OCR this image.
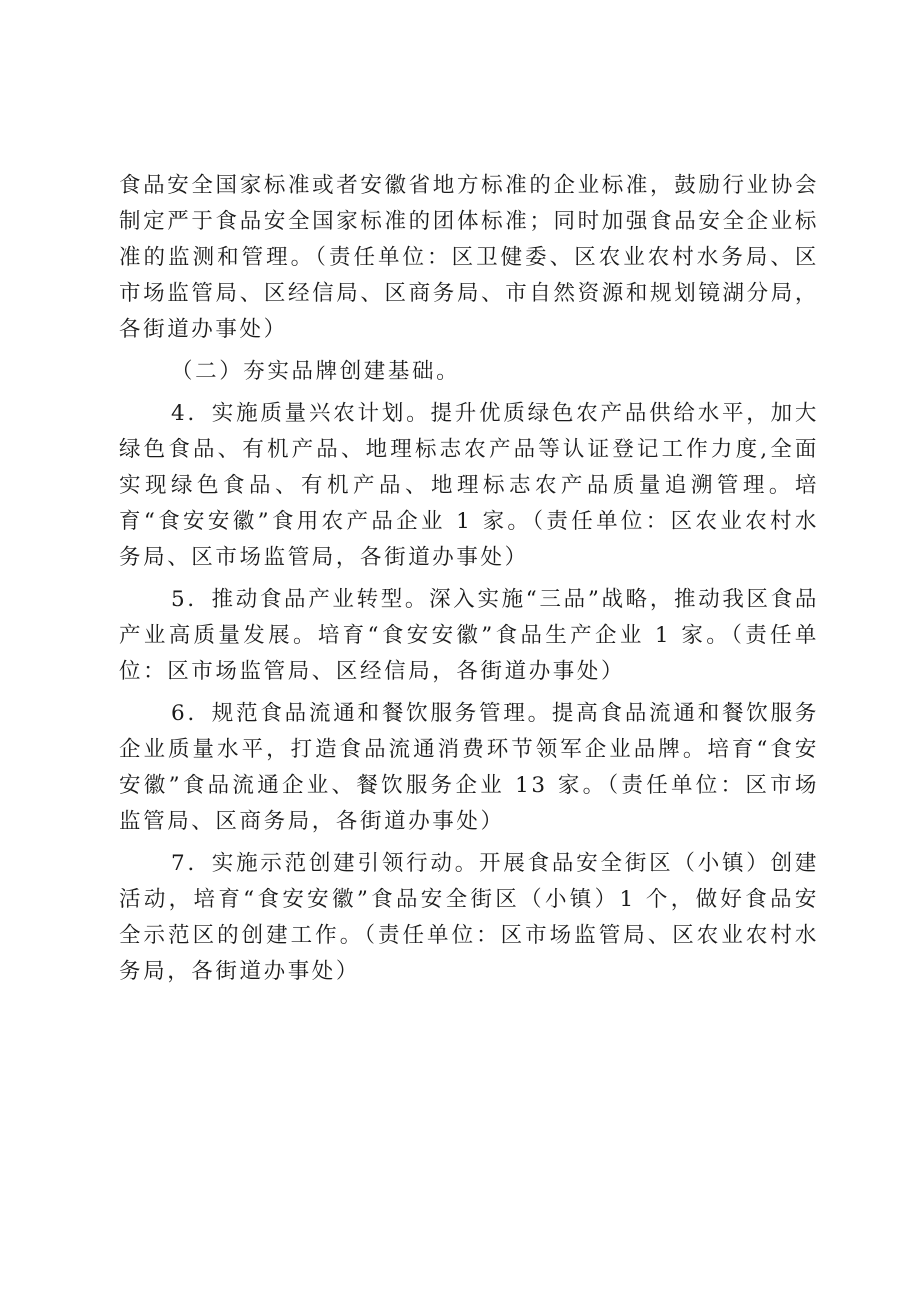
食品安全国家标准或者安徽省地方标准的企业标准，鼓励行业协会制定严于食品安全国家标准的团体标准；同时加强食品安全企业标准的监测和管理。（责任单位：区卫健委、区农业农村水务局、区市场监管局、区经信局、区商务局、市自然资源和规划镜湖分局，各街道办事处）

（二）夯实品牌创建基础。

4．实施质量兴农计划。提升优质绿色农产品供给水平，加大绿色食品、有机产品、地理标志农产品等认证登记工作力度,全面实现绿色食品、有机产品、地理标志农产品质量追溯管理。培育“食安安徽”食用农产品企业 1 家。（责任单位：区农业农村水务局、区市场监管局，各街道办事处）

5．推动食品产业转型。深入实施“三品”战略，推动我区食品产业高质量发展。培育“食安安徽”食品生产企业 1 家。（责任单位：区市场监管局、区经信局，各街道办事处）

6．规范食品流通和餐饮服务管理。提高食品流通和餐饮服务企业质量水平，打造食品流通消费环节领军企业品牌。培育“食安安徽”食品流通企业、餐饮服务企业 13 家。（责任单位：区市场监管局、区商务局，各街道办事处）

7．实施示范创建引领行动。开展食品安全街区（小镇）创建活动，培育“食安安徽”食品安全街区（小镇）1 个，做好食品安全示范区的创建工作。（责任单位：区市场监管局、区农业农村水务局，各街道办事处）
